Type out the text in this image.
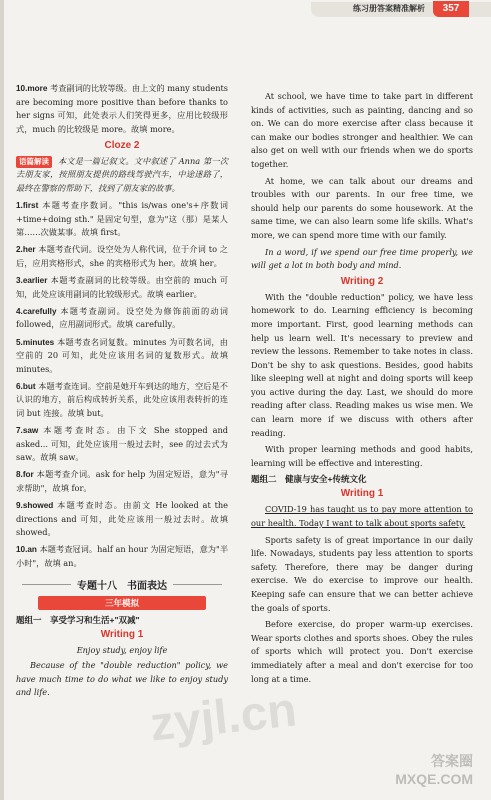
练习册答案精准解析	357

10.more 考查副词的比较等级。由上文的 many students are becoming more positive than before thanks to her signs 可知，此处表示人们笑得更多，应用比较级形式，much 的比较级是 more。故填 more。

Cloze 2

语篇解读 本文是一篇记叙文。文中叙述了 Anna 第一次去朋友家，按照朋友提供的路线驾驶汽车，中途迷路了，最终在警察的帮助下，找到了朋友家的故事。

1.first 本题考查序数词。"this is/was one's+序数词+time+doing sth." 是固定句型，意为"这（那）是某人第……次做某事。故填 first。

2.her 本题考查代词。设空处为人称代词，位于介词 to 之后，应用宾格形式，she 的宾格形式为 her。故填 her。

3.earlier 本题考查副词的比较等级。由空前的 much 可知，此处应该用副词的比较级形式。故填 earlier。

4.carefully 本题考查副词。设空处为修饰前面的动词 followed，应用副词形式。故填 carefully。

5.minutes 本题考查名词复数。minutes 为可数名词，由空前的 20 可知，此处应该用名词的复数形式。故填 minutes。

6.but 本题考查连词。空前是她开车到达的地方，空后是不认识的地方，前后构成转折关系，此处应该用表转折的连词 but 连接。故填 but。

7.saw 本题考查时态。由下文 She stopped and asked... 可知，此处应该用一般过去时，see 的过去式为 saw。故填 saw。

8.for 本题考查介词。ask for help 为固定短语，意为"寻求帮助"，故填 for。

9.showed 本题考查时态。由前文 He looked at the directions and 可知，此处应该用一般过去时。故填 showed。

10.an 本题考查冠词。half an hour 为固定短语，意为"半小时"，故填 an。

专题十八　书面表达
三年模拟
题组一　享受学习和生活+"双减"
Writing 1

Enjoy study, enjoy life

Because of the "double reduction" policy, we have much time to do what we like to enjoy study and life.

At school, we have time to take part in different kinds of activities, such as painting, dancing and so on. We can do more exercise after class because it can make our bodies stronger and healthier. We can also get on well with our friends when we do sports together.

At home, we can talk about our dreams and troubles with our parents. In our free time, we should help our parents do some housework. At the same time, we can also learn some life skills. What's more, we can spend more time with our family.

In a word, if we spend our free time properly, we will get a lot in both body and mind.

Writing 2

With the "double reduction" policy, we have less homework to do. Learning efficiency is becoming more important. First, good learning methods can help us learn well. It's necessary to preview and review the lessons. Remember to take notes in class. Don't be shy to ask questions. Besides, good habits like sleeping well at night and doing sports will keep you active during the day. Last, we should do more reading after class. Reading makes us wise men. We can learn more if we discuss with others after reading.

With proper learning methods and good habits, learning will be effective and interesting.

题组二　健康与安全+传统文化
Writing 1

COVID-19 has taught us to pay more attention to our health. Today I want to talk about sports safety.

Sports safety is of great importance in our daily life. Nowadays, students pay less attention to sports safety. Therefore, there may be danger during exercise. We do exercise to improve our health. Keeping safe can ensure that we can better achieve the goals of sports.

Before exercise, do proper warm-up exercises. Wear sports clothes and sports shoes. Obey the rules of sports which will protect you. Don't exercise immediately after a meal and don't exercise for too long at a time.

zyjl.cn
答案圈
MXQE.COM
